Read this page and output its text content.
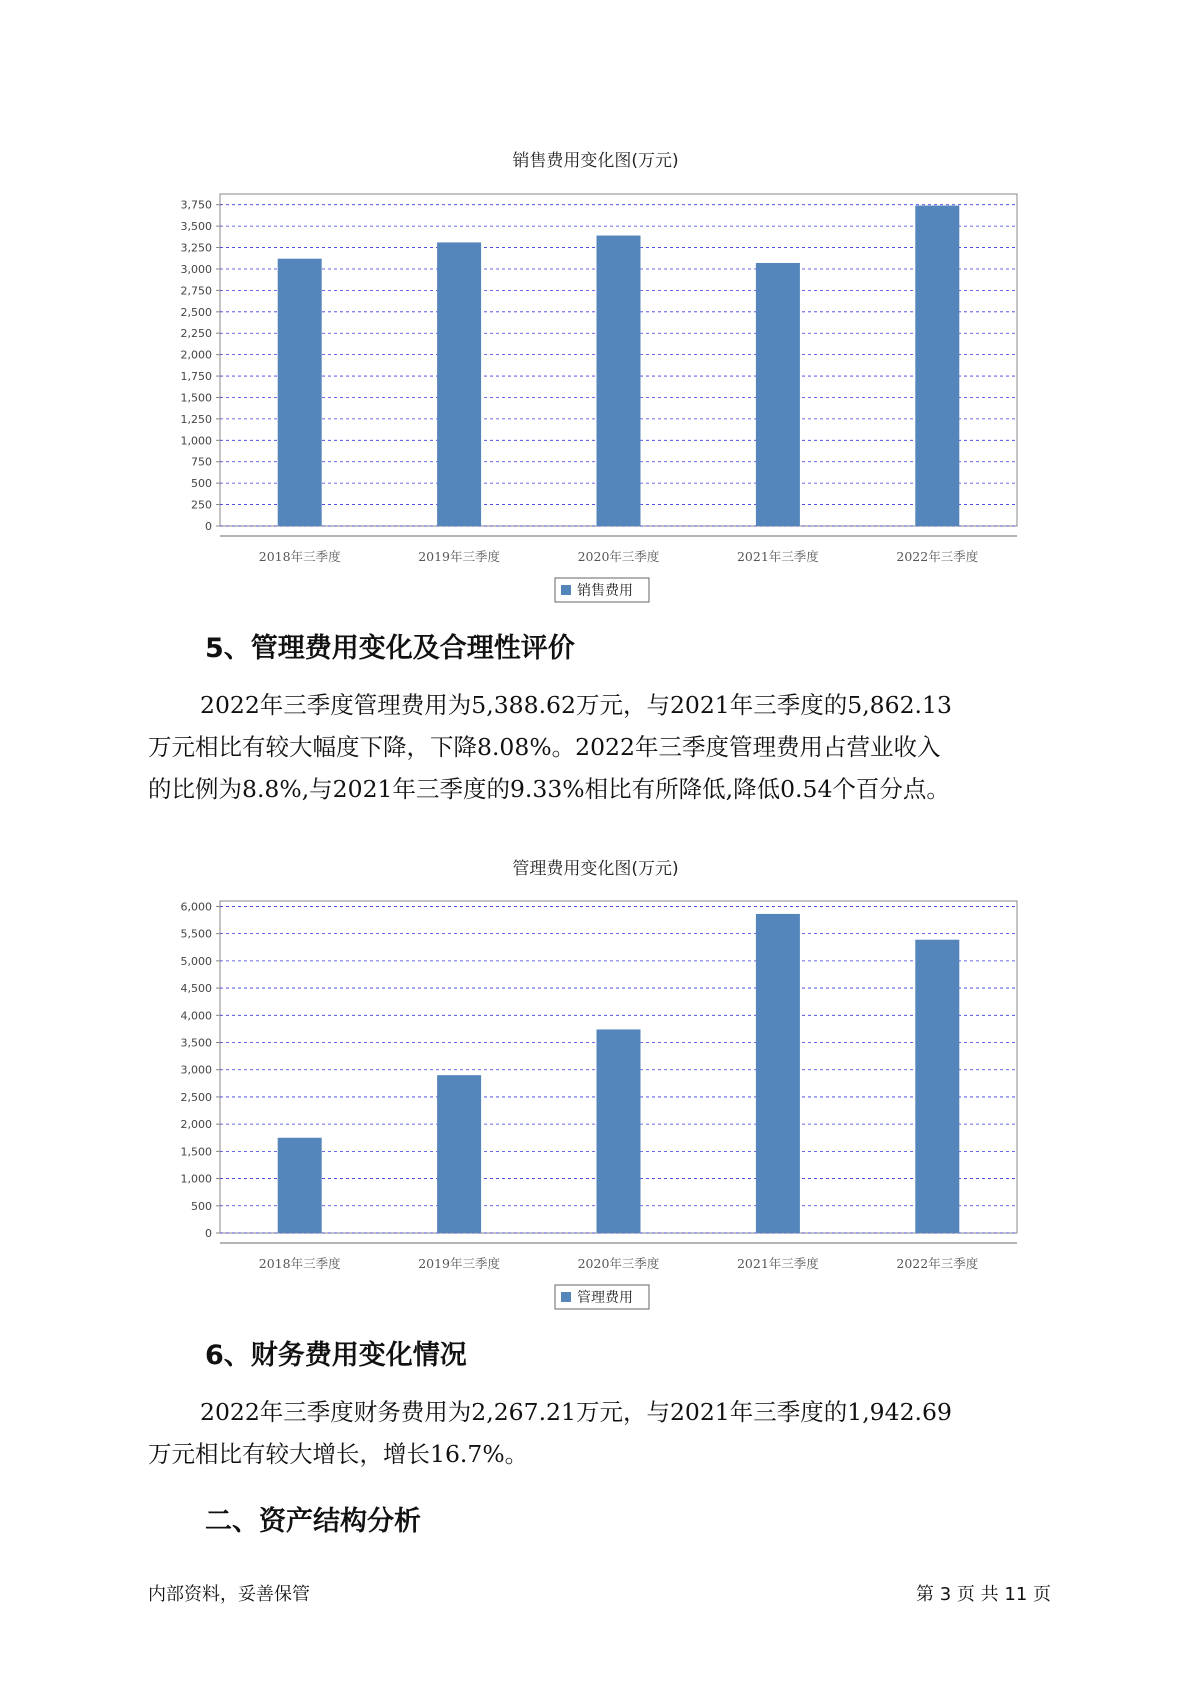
销售费用变化图(万元)
0
250
500
750
1,000
1,250
1,500
1,750
2,000
2,250
2,500
2,750
3,000
3,250
3,500
3,750
2018年三季度	2019年三季度	2020年三季度	2021年三季度	2022年三季度
销售费用
5、管理费用变化及合理性评价
2022年三季度管理费用为5,388.62万元，与2021年三季度的5,862.13
万元相比有较大幅度下降，下降8.08%。2022年三季度管理费用占营业收入
的比例为8.8%,与2021年三季度的9.33%相比有所降低,降低0.54个百分点。
管理费用变化图(万元)
0
500
1,000
1,500
2,000
2,500
3,000
3,500
4,000
4,500
5,000
5,500
6,000
2018年三季度	2019年三季度	2020年三季度	2021年三季度	2022年三季度
管理费用
6、财务费用变化情况
2022年三季度财务费用为2,267.21万元，与2021年三季度的1,942.69
万元相比有较大增长，增长16.7%。
二、资产结构分析
内部资料，妥善保管	第 3 页 共 11 页
